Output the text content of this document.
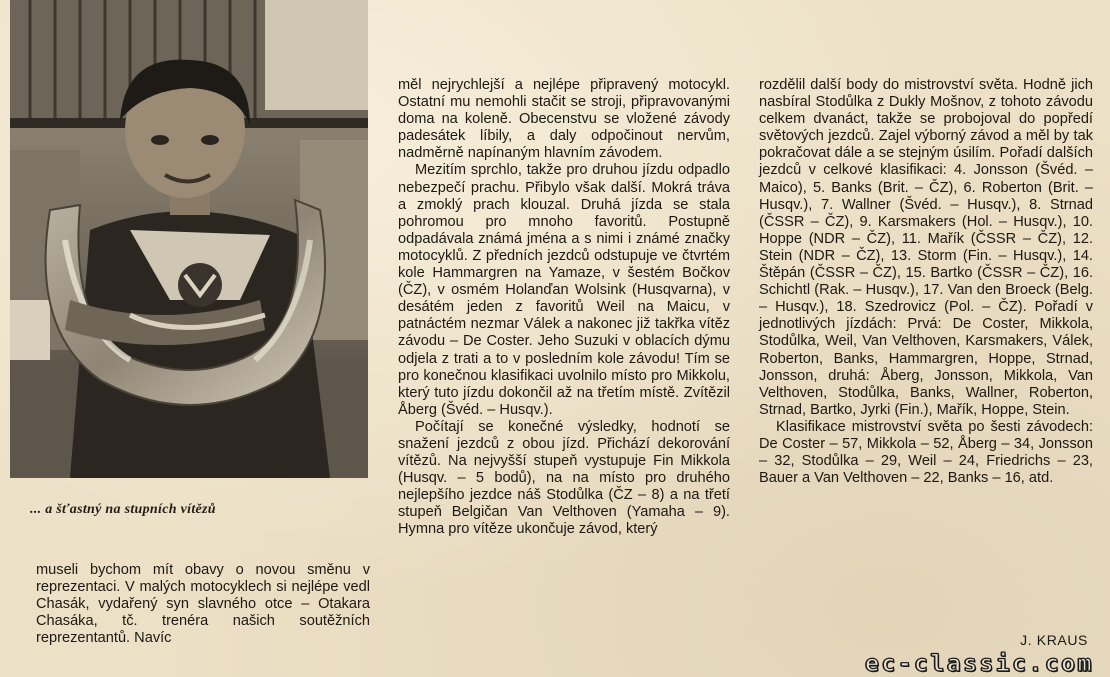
... a šťastný na stupních vítězů

museli bychom mít obavy o novou směnu v reprezentaci. V malých motocyklech si nejlépe vedl Chasák, vydařený syn slavného otce – Otakara Chasáka, tč. trenéra našich soutěžních reprezentantů. Navíc

měl nejrychlejší a nejlépe připravený motocykl. Ostatní mu nemohli stačit se stroji, připravovanými doma na koleně. Obecenstvu se vložené závody padesátek líbily, a daly odpočinout nervům, nadměrně napínaným hlavním závodem.

Mezitím sprchlo, takže pro druhou jízdu odpadlo nebezpečí prachu. Přibylo však další. Mokrá tráva a zmoklý prach klouzal. Druhá jízda se stala pohromou pro mnoho favoritů. Postupně odpadávala známá jména a s nimi i známé značky motocyklů. Z předních jezdců odstupuje ve čtvrtém kole Hammargren na Yamaze, v šestém Bočkov (ČZ), v osmém Holanďan Wolsink (Husqvarna), v desátém jeden z favoritů Weil na Maicu, v patnáctém nezmar Válek a nakonec již takřka vítěz závodu – De Coster. Jeho Suzuki v oblacích dýmu odjela z trati a to v posledním kole závodu! Tím se pro konečnou klasifikaci uvolnilo místo pro Mikkolu, který tuto jízdu dokončil až na třetím místě. Zvítězil Åberg (Švéd. – Husqv.).

Počítají se konečné výsledky, hodnotí se snažení jezdců z obou jízd. Přichází dekorování vítězů. Na nejvyšší stupeň vystupuje Fin Mikkola (Husqv. – 5 bodů), na na místo pro druhého nejlepšího jezdce náš Stodůlka (ČZ – 8) a na třetí stupeň Belgičan Van Velthoven (Yamaha – 9). Hymna pro vítěze ukončuje závod, který

rozdělil další body do mistrovství světa. Hodně jich nasbíral Stodůlka z Dukly Mošnov, z tohoto závodu celkem dvanáct, takže se probojoval do popředí světových jezdců. Zajel výborný závod a měl by tak pokračovat dále a se stejným úsilím. Pořadí dalších jezdců v celkové klasifikaci: 4. Jonsson (Švéd. – Maico), 5. Banks (Brit. – ČZ), 6. Roberton (Brit. – Husqv.), 7. Wallner (Švéd. – Husqv.), 8. Strnad (ČSSR – ČZ), 9. Karsmakers (Hol. – Husqv.), 10. Hoppe (NDR – ČZ), 11. Mařík (ČSSR – ČZ), 12. Stein (NDR – ČZ), 13. Storm (Fin. – Husqv.), 14. Štěpán (ČSSR – ČZ), 15. Bartko (ČSSR – ČZ), 16. Schichtl (Rak. – Husqv.), 17. Van den Broeck (Belg. – Husqv.), 18. Szedrovicz (Pol. – ČZ). Pořadí v jednotlivých jízdách: Prvá: De Coster, Mikkola, Stodůlka, Weil, Van Velthoven, Karsmakers, Válek, Roberton, Banks, Hammargren, Hoppe, Strnad, Jonsson, druhá: Åberg, Jonsson, Mikkola, Van Velthoven, Stodůlka, Banks, Wallner, Roberton, Strnad, Bartko, Jyrki (Fin.), Mařík, Hoppe, Stein.

Klasifikace mistrovství světa po šesti závodech: De Coster – 57, Mikkola – 52, Åberg – 34, Jonsson – 32, Stodůlka – 29, Weil – 24, Friedrichs – 23, Bauer a Van Velthoven – 22, Banks – 16, atd.

J. KRAUS
ec-classic.com
